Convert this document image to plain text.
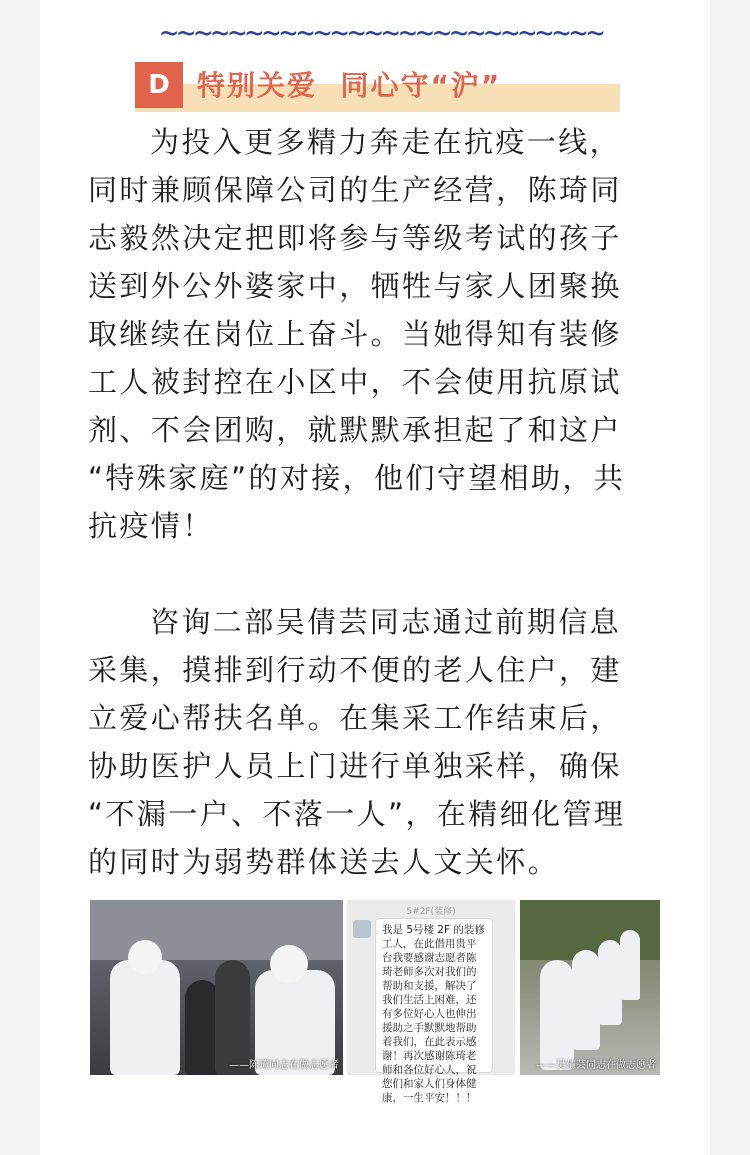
~~~~~~~~~~~~~~~~~~~~~~~~~~
D 特别关爱  同心守“沪”
为投入更多精力奔走在抗疫一线，
同时兼顾保障公司的生产经营，陈琦同
志毅然决定把即将参与等级考试的孩子
送到外公外婆家中，牺牲与家人团聚换
取继续在岗位上奋斗。当她得知有装修
工人被封控在小区中，不会使用抗原试
剂、不会团购，就默默承担起了和这户
“特殊家庭”的对接，他们守望相助，共
抗疫情！
咨询二部吴倩芸同志通过前期信息
采集，摸排到行动不便的老人住户，建
立爱心帮扶名单。在集采工作结束后，
协助医护人员上门进行单独采样，确保
“不漏一户、不落一人”，在精细化管理
的同时为弱势群体送去人文关怀。
——陈琦同志在做志愿者
5#2F(装修)
我是 5号楼 2F 的装修工人，在此借用贵平台我要感谢志愿者陈琦老师多次对我们的帮助和支援，解决了我们生活上困难，还有多位好心人也伸出援助之手默默地帮助着我们，在此表示感谢！再次感谢陈琦老师和各位好心人，祝您们和家人们身体健康，一生平安！！！
——吴倩芸同志在做志愿者
